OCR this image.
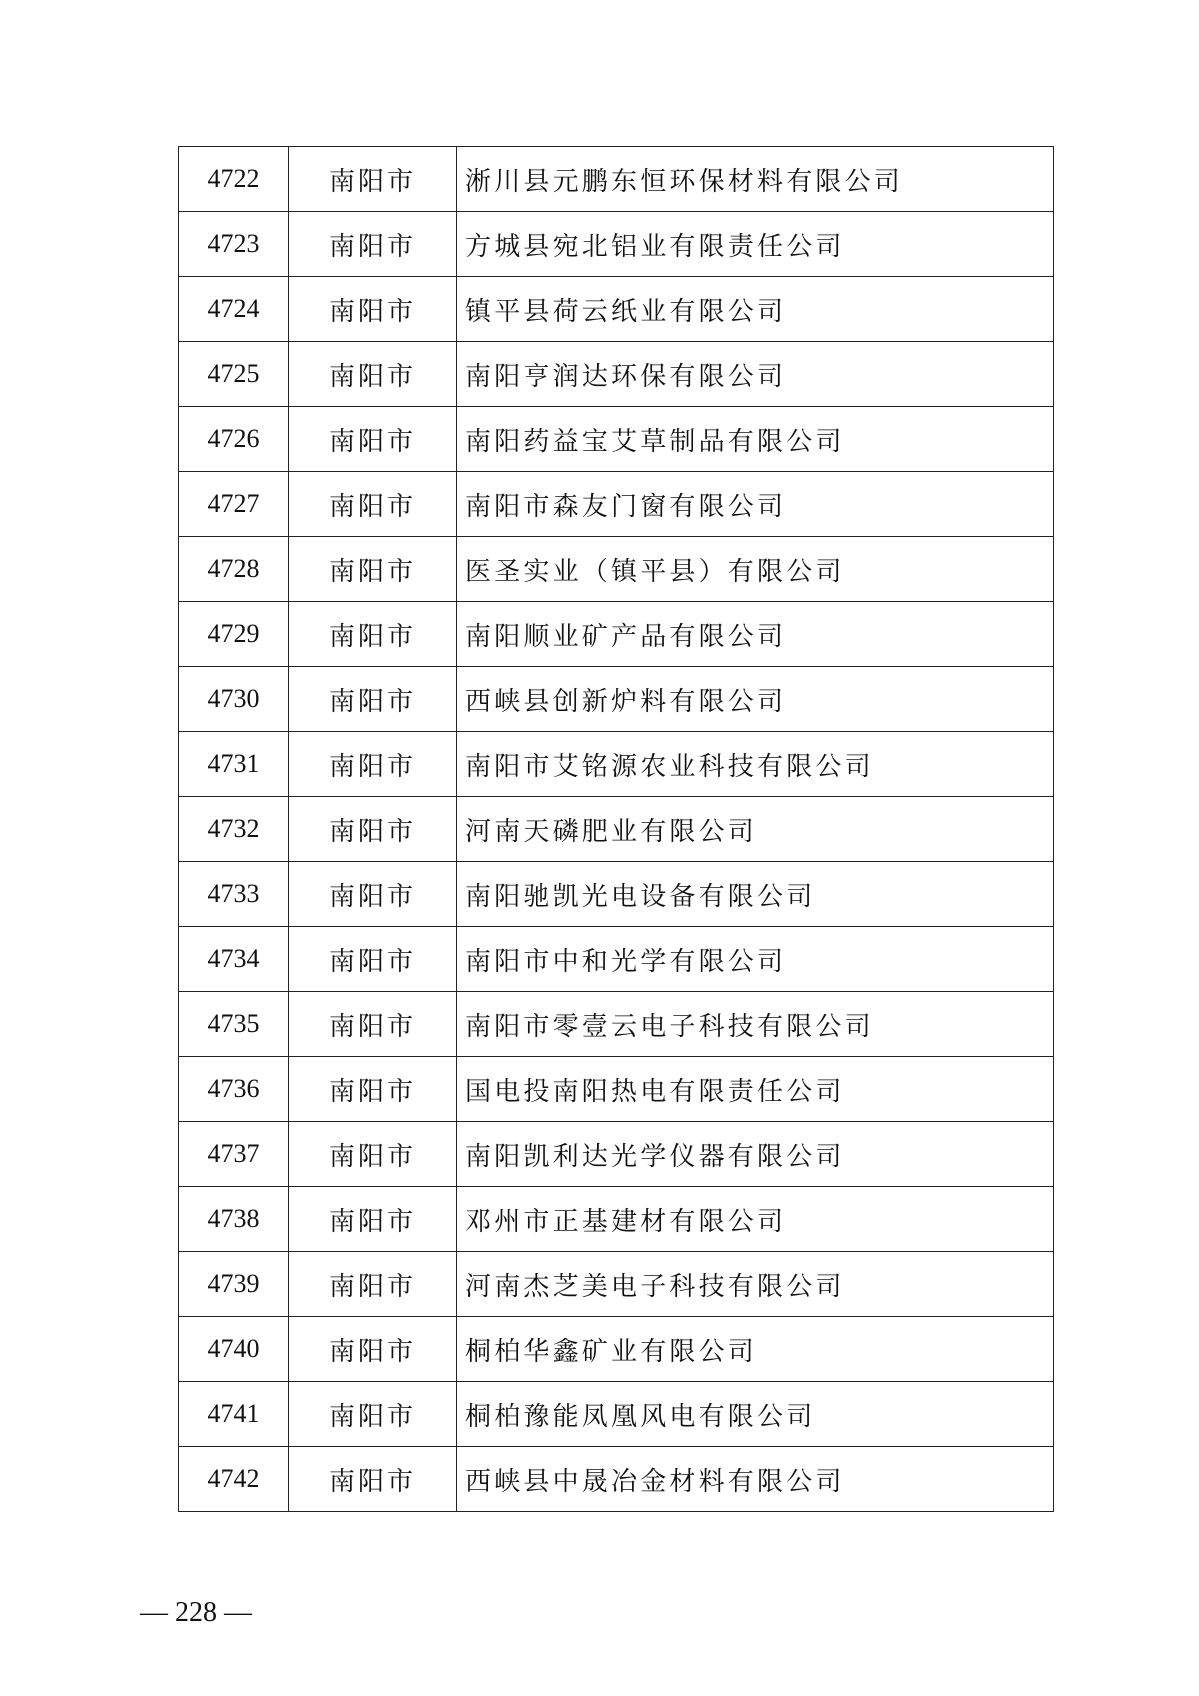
4722	南阳市	淅川县元鹏东恒环保材料有限公司
4723	南阳市	方城县宛北铝业有限责任公司
4724	南阳市	镇平县荷云纸业有限公司
4725	南阳市	南阳亨润达环保有限公司
4726	南阳市	南阳药益宝艾草制品有限公司
4727	南阳市	南阳市森友门窗有限公司
4728	南阳市	医圣实业（镇平县）有限公司
4729	南阳市	南阳顺业矿产品有限公司
4730	南阳市	西峡县创新炉料有限公司
4731	南阳市	南阳市艾铭源农业科技有限公司
4732	南阳市	河南天磷肥业有限公司
4733	南阳市	南阳驰凯光电设备有限公司
4734	南阳市	南阳市中和光学有限公司
4735	南阳市	南阳市零壹云电子科技有限公司
4736	南阳市	国电投南阳热电有限责任公司
4737	南阳市	南阳凯利达光学仪器有限公司
4738	南阳市	邓州市正基建材有限公司
4739	南阳市	河南杰芝美电子科技有限公司
4740	南阳市	桐柏华鑫矿业有限公司
4741	南阳市	桐柏豫能凤凰风电有限公司
4742	南阳市	西峡县中晟冶金材料有限公司
— 228 —
